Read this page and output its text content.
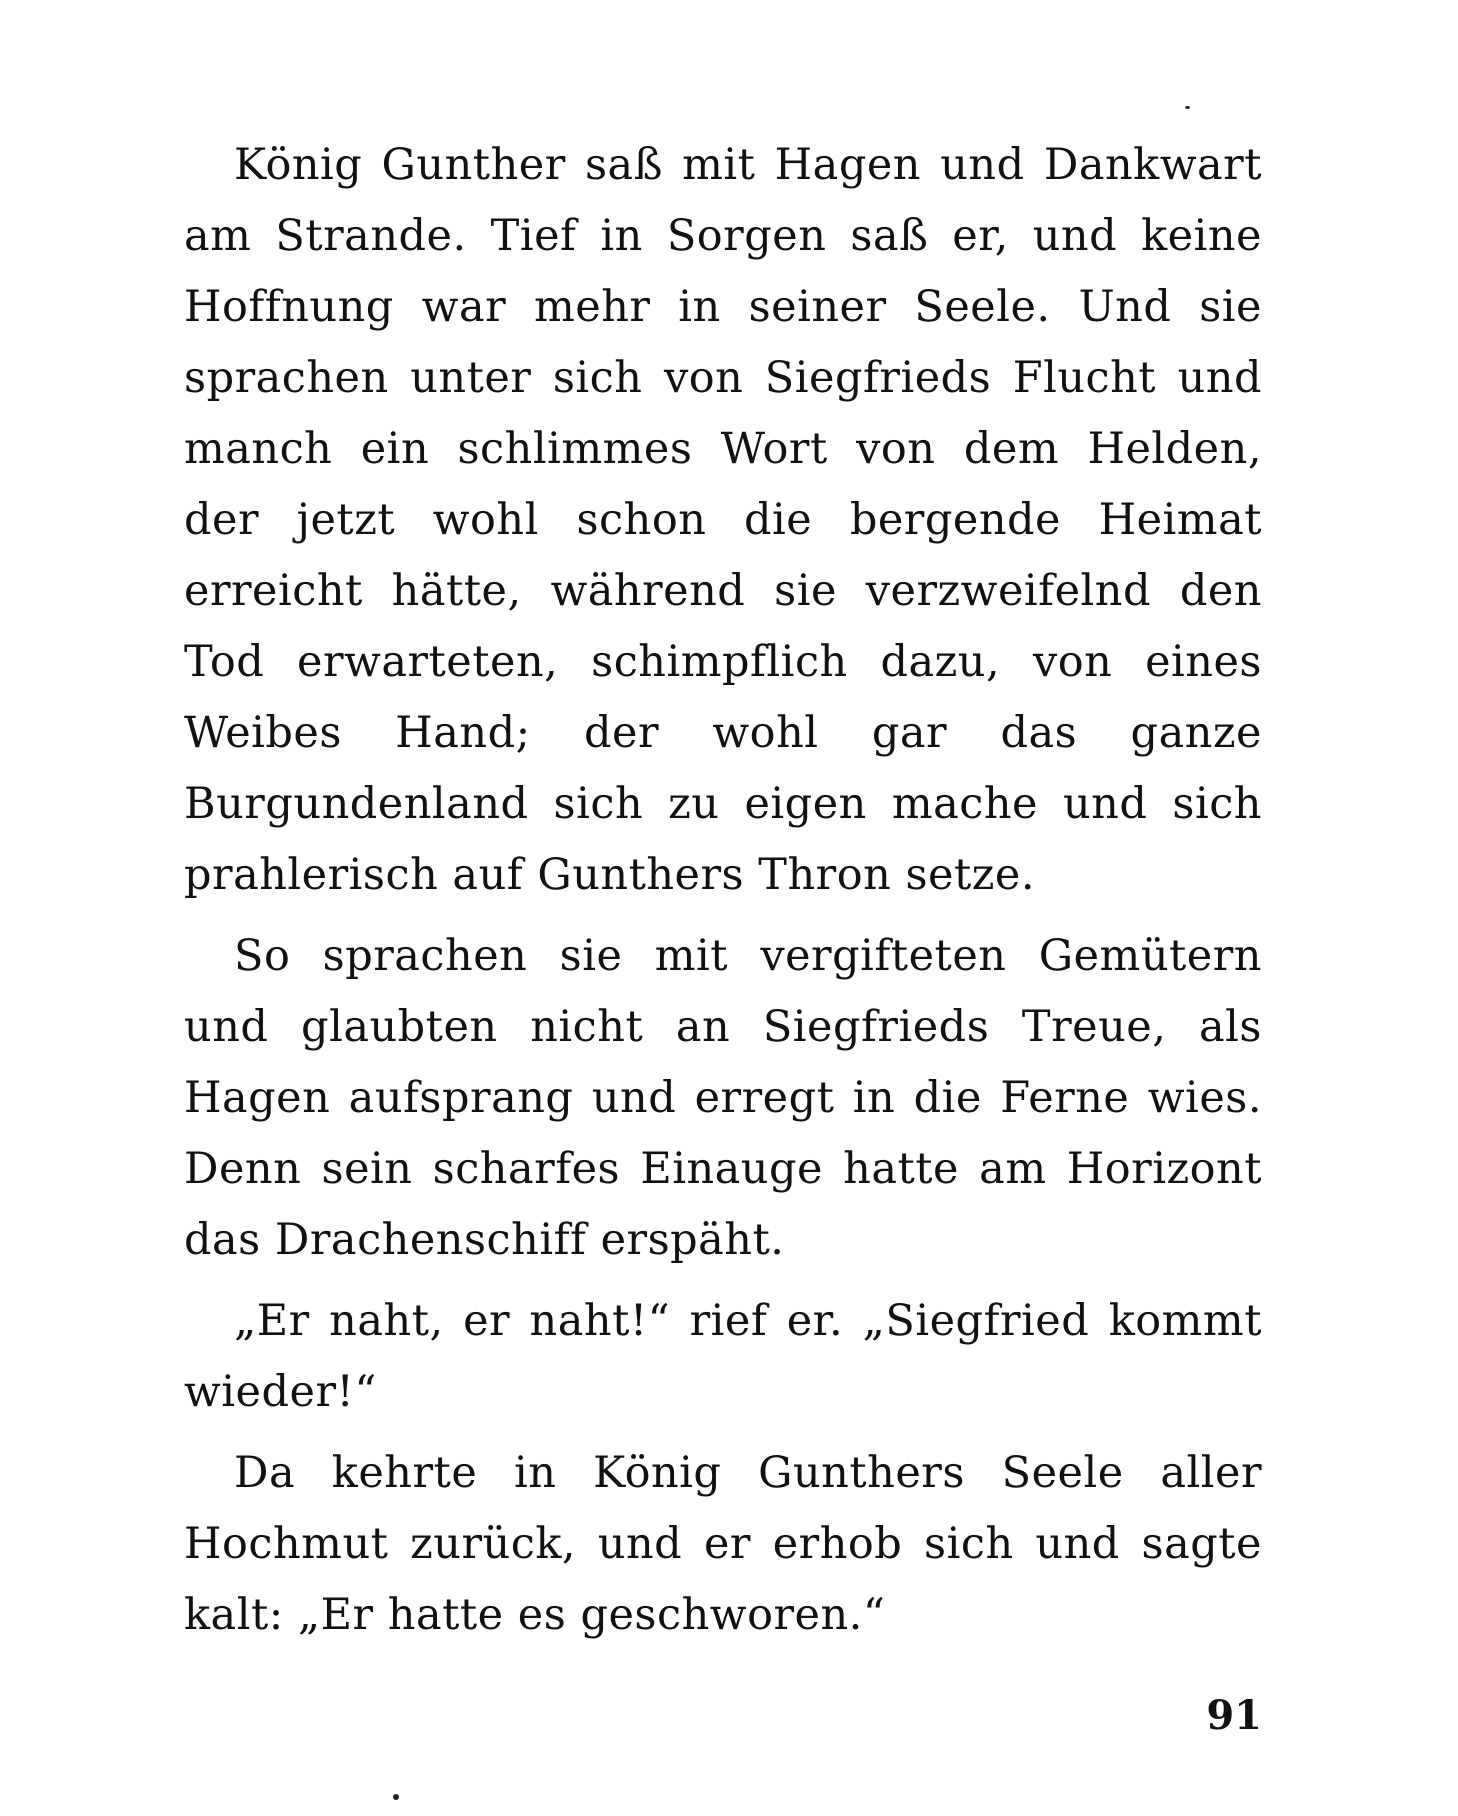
König Gunther saß mit Hagen und Dankwart am Strande. Tief in Sorgen saß er, und keine Hoffnung war mehr in seiner Seele. Und sie sprachen unter sich von Siegfrieds Flucht und manch ein schlimmes Wort von dem Helden, der jetzt wohl schon die bergende Heimat erreicht hätte, während sie verzweifelnd den Tod erwarteten, schimpflich dazu, von eines Weibes Hand; der wohl gar das ganze Burgundenland sich zu eigen mache und sich prahlerisch auf Gunthers Thron setze.

So sprachen sie mit vergifteten Gemütern und glaubten nicht an Siegfrieds Treue, als Hagen aufsprang und erregt in die Ferne wies. Denn sein scharfes Einauge hatte am Horizont das Drachenschiff erspäht.

„Er naht, er naht!“ rief er. „Siegfried kommt wieder!“

Da kehrte in König Gunthers Seele aller Hochmut zurück, und er erhob sich und sagte kalt: „Er hatte es geschworen.“

91
